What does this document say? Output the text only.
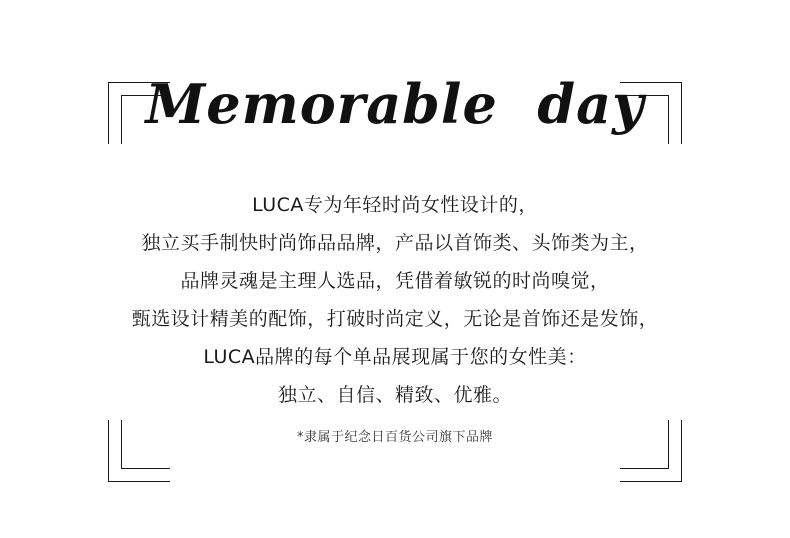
Memorable  day
LUCA专为年轻时尚女性设计的，
独立买手制快时尚饰品品牌，产品以首饰类、头饰类为主，
品牌灵魂是主理人选品，凭借着敏锐的时尚嗅觉，
甄选设计精美的配饰，打破时尚定义，无论是首饰还是发饰，
LUCA品牌的每个单品展现属于您的女性美：
独立、自信、精致、优雅。
*隶属于纪念日百货公司旗下品牌
